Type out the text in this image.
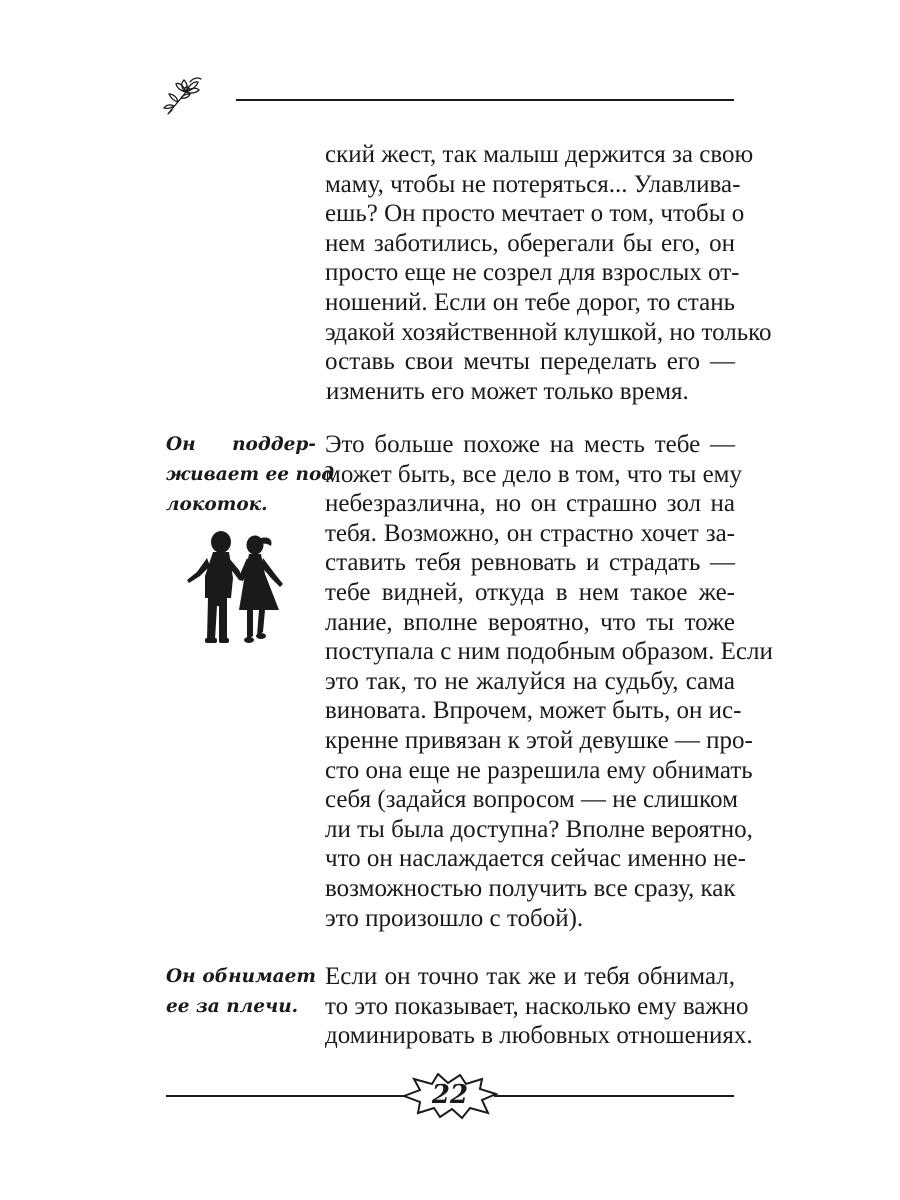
ский жест, так малыш держится за свою
маму, чтобы не потеряться... Улавлива-
ешь? Он просто мечтает о том, чтобы о
нем заботились, оберегали бы его, он
просто еще не созрел для взрослых от-
ношений. Если он тебе дорог, то стань
эдакой хозяйственной клушкой, но только
оставь свои мечты переделать его —
изменить его может только время.
Он поддер-
живает ее под
локоток.
Это больше похоже на месть тебе —
может быть, все дело в том, что ты ему
небезразлична, но он страшно зол на
тебя. Возможно, он страстно хочет за-
ставить тебя ревновать и страдать —
тебе видней, откуда в нем такое же-
лание, вполне вероятно, что ты тоже
поступала с ним подобным образом. Если
это так, то не жалуйся на судьбу, сама
виновата. Впрочем, может быть, он ис-
кренне привязан к этой девушке — про-
сто она еще не разрешила ему обнимать
себя (задайся вопросом — не слишком
ли ты была доступна? Вполне вероятно,
что он наслаждается сейчас именно не-
возможностью получить все сразу, как
это произошло с тобой).
Он обнимает
ее за плечи.
Если он точно так же и тебя обнимал,
то это показывает, насколько ему важно
доминировать в любовных отношениях.
22
